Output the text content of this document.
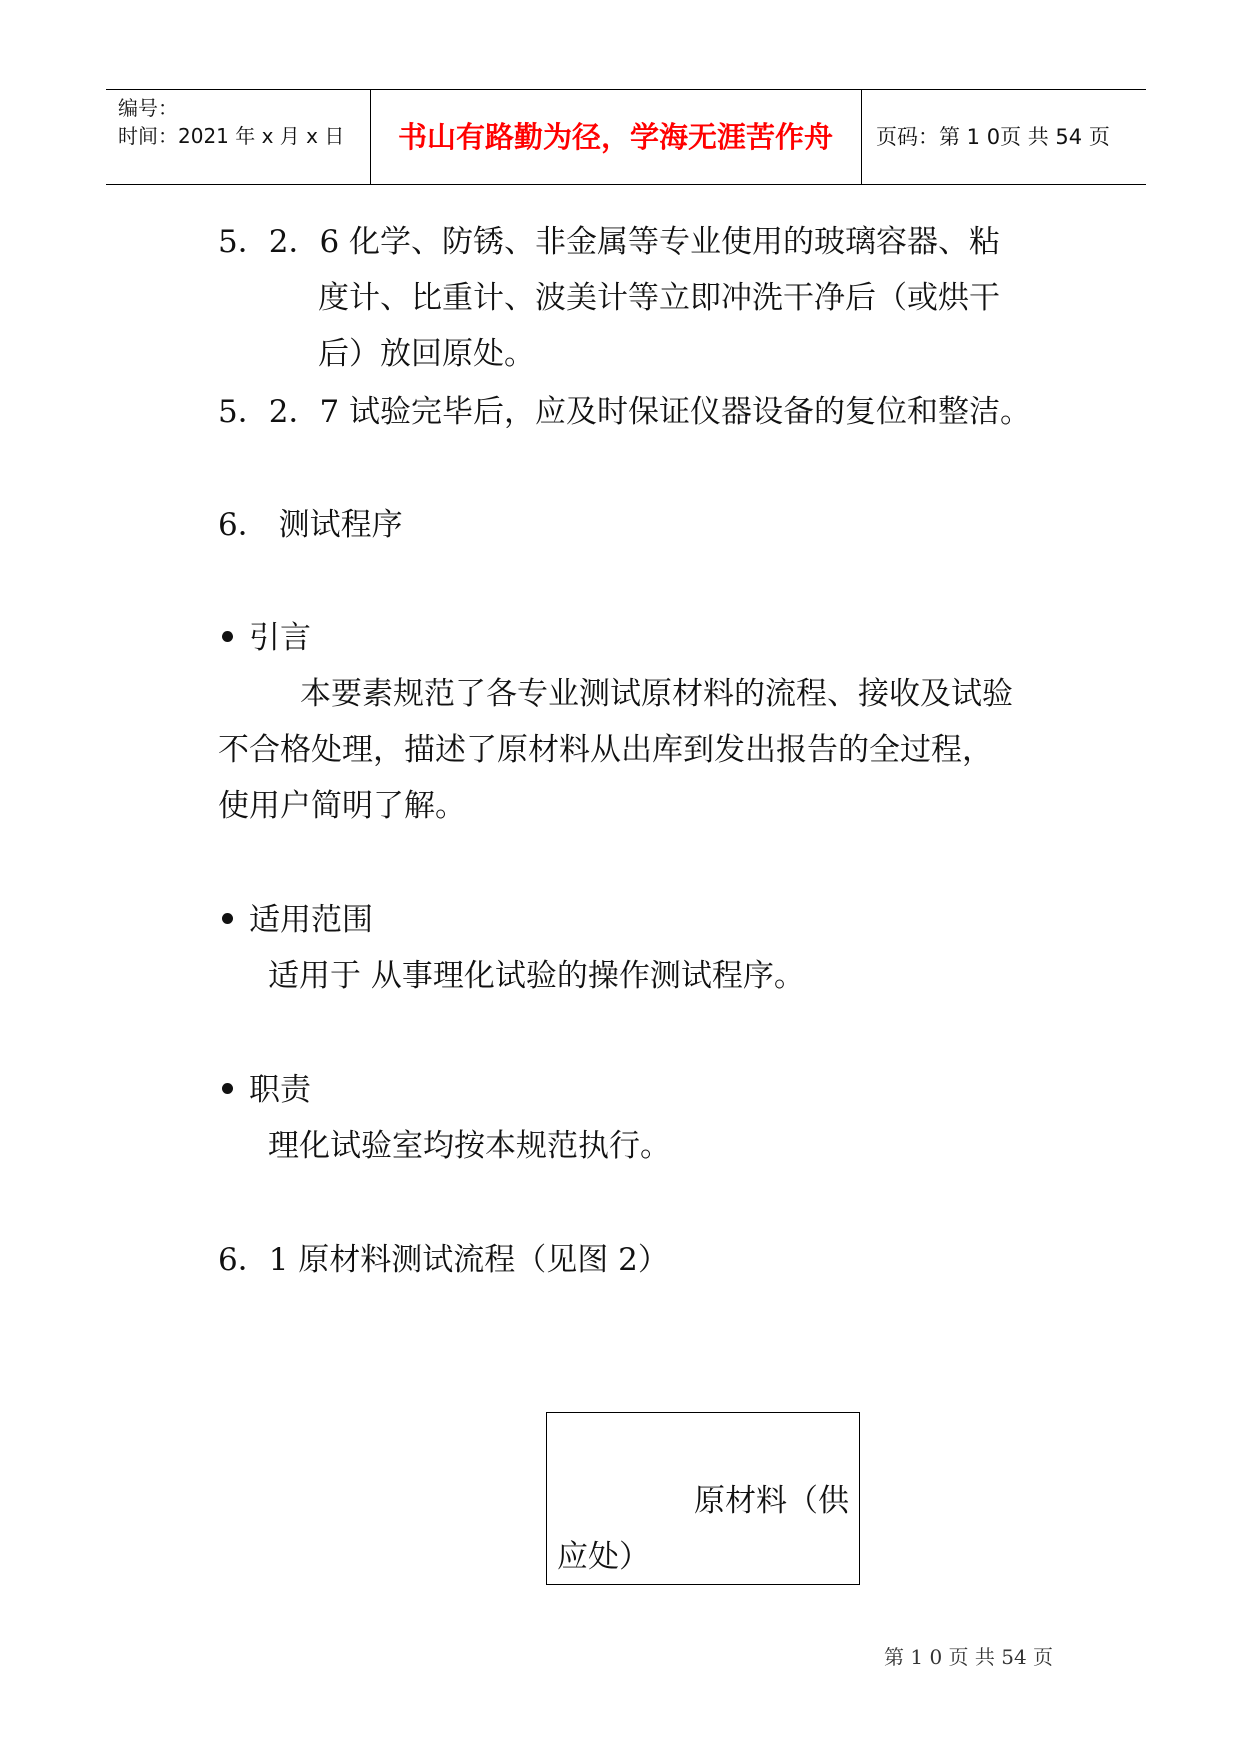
编号：
时间：2021 年 x 月 x 日	书山有路勤为径，学海无涯苦作舟	页码：第 1 0页 共 54 页
5．2．6 化学、防锈、非金属等专业使用的玻璃容器、粘
度计、比重计、波美计等立即冲洗干净后（或烘干
后）放回原处。
5．2．7 试验完毕后，应及时保证仪器设备的复位和整洁。
6． 测试程序
引言
本要素规范了各专业测试原材料的流程、接收及试验
不合格处理，描述了原材料从出库到发出报告的全过程，
使用户简明了解。
适用范围
适用于 从事理化试验的操作测试程序。
职责
理化试验室均按本规范执行。
6．1 原材料测试流程（见图 2）
原材料（供
应处）
第 1 0 页 共 54 页
